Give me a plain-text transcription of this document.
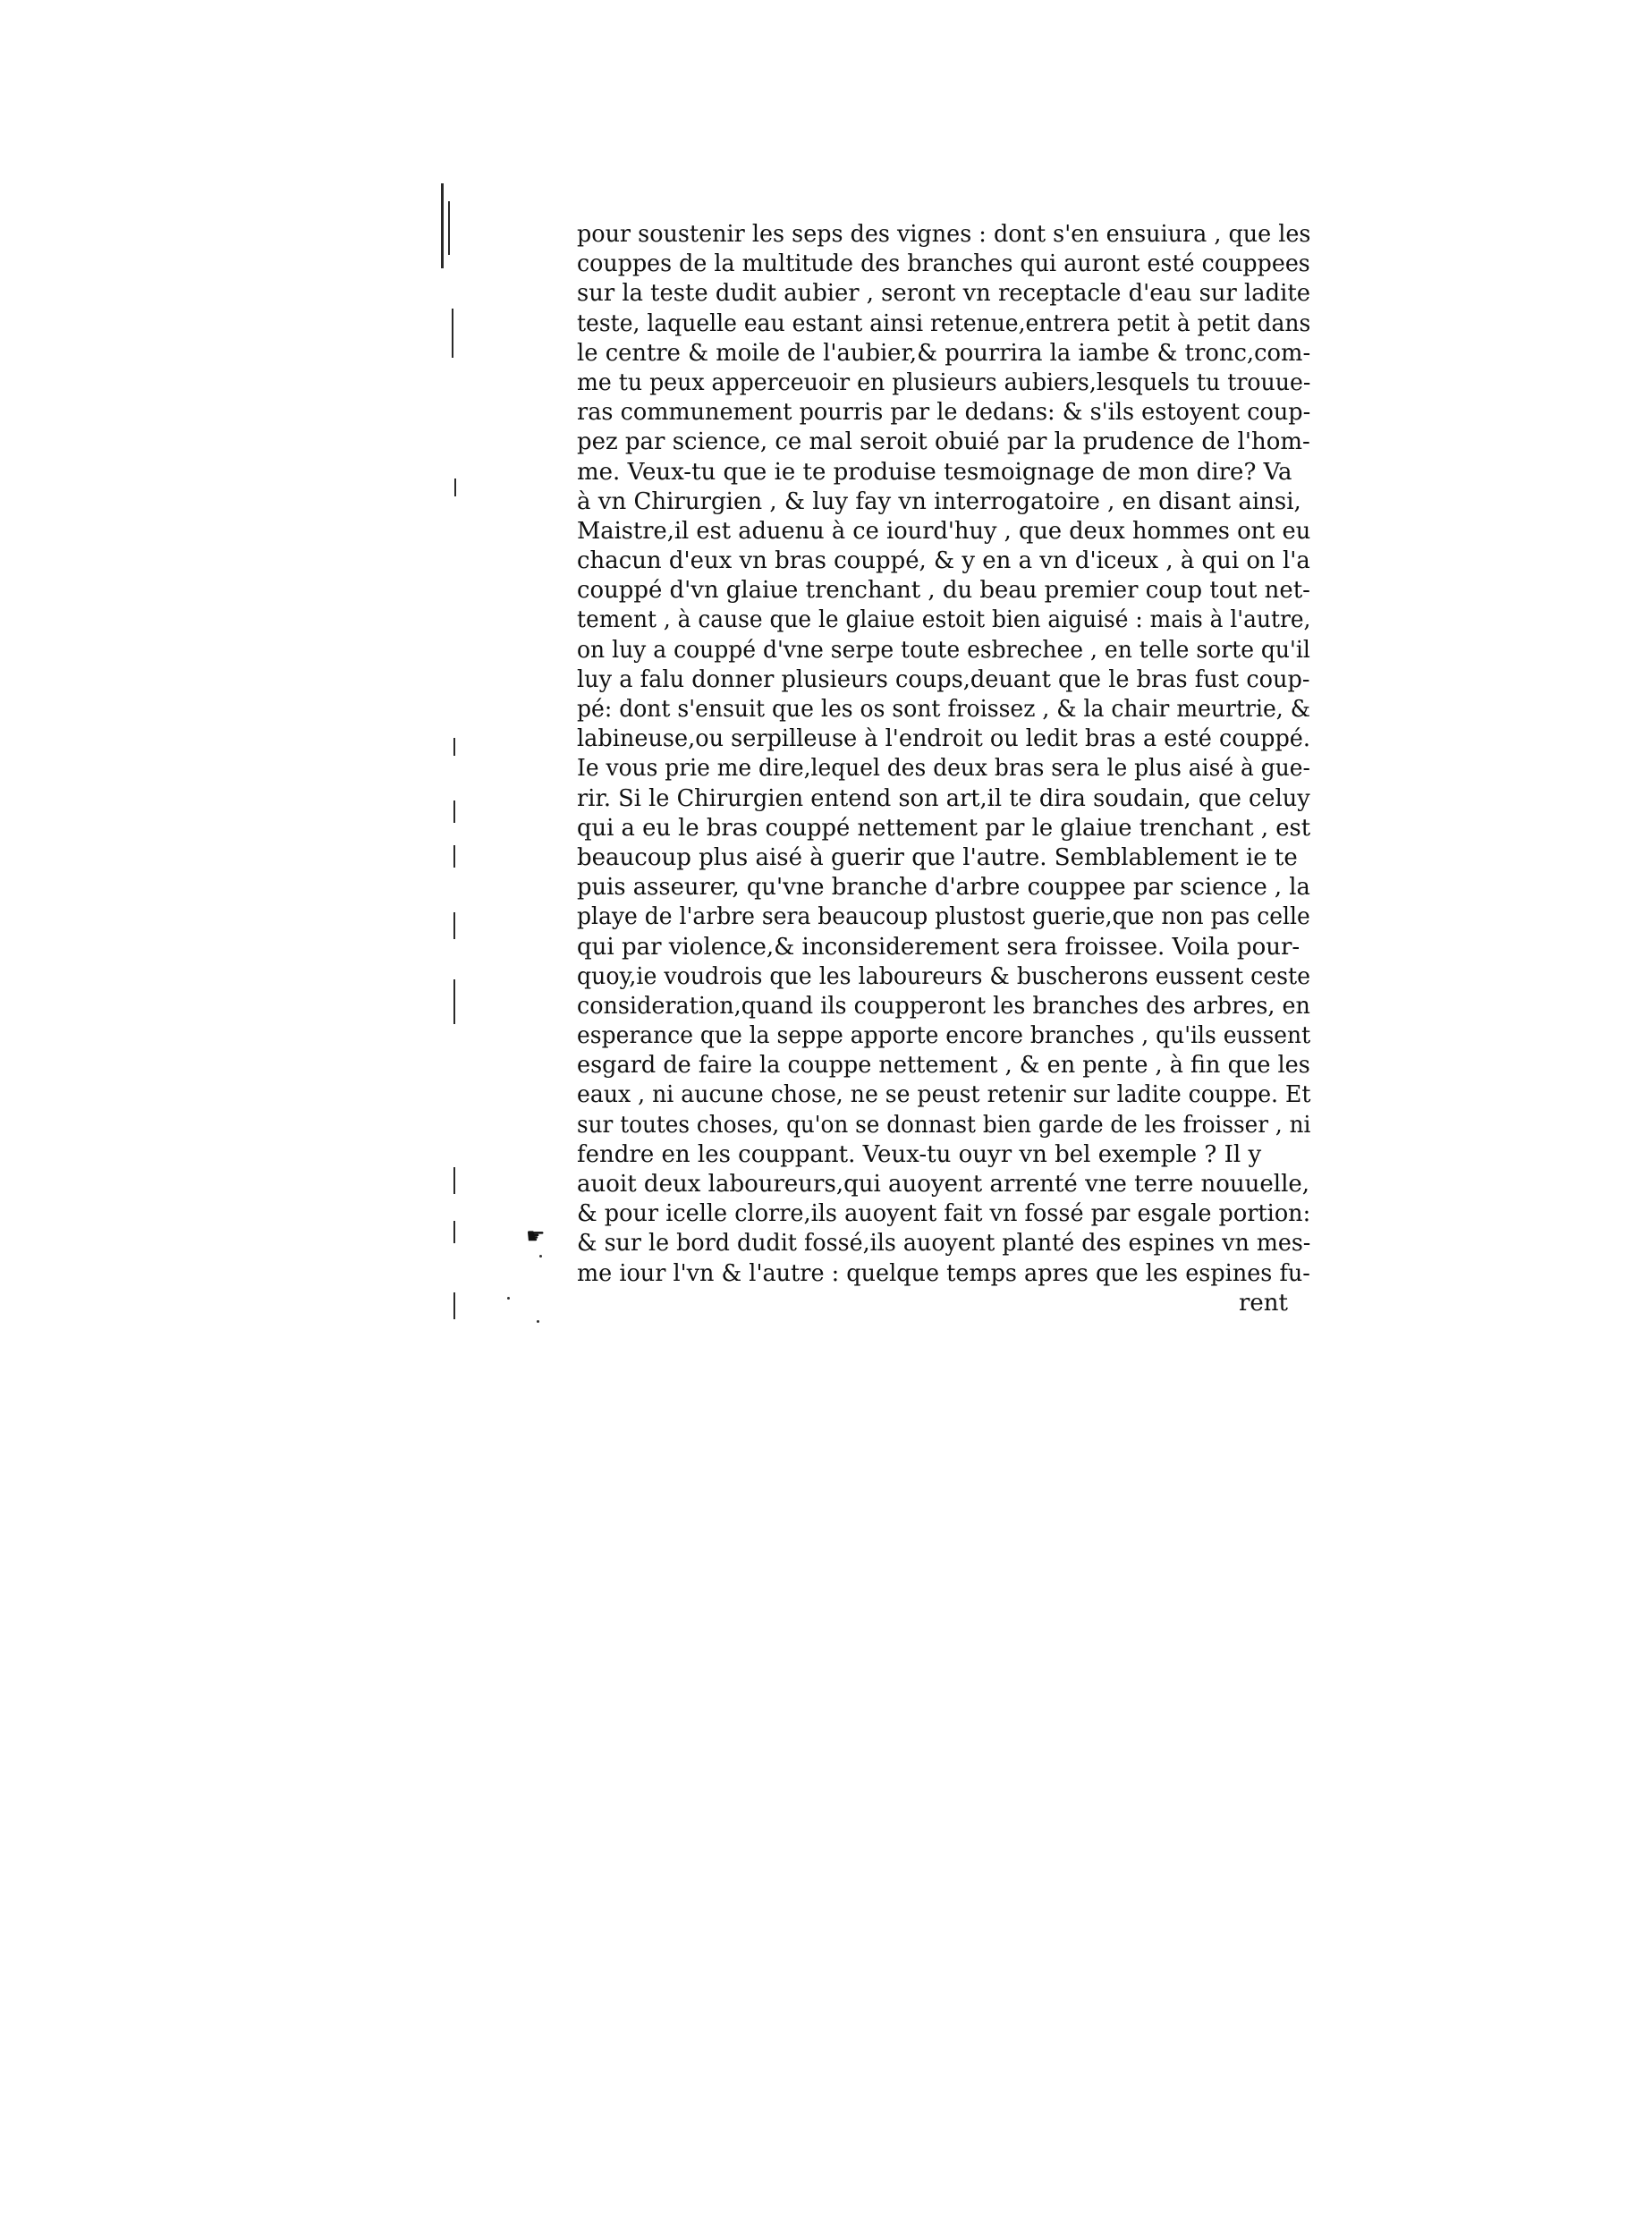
☛
pour soustenir les seps des vignes : dont s'en ensuiura , que les
couppes de la multitude des branches qui auront esté couppees
sur la teste dudit aubier , seront vn receptacle d'eau sur ladite
teste, laquelle eau estant ainsi retenue,entrera petit à petit dans
le centre & moile de l'aubier,& pourrira la iambe & tronc,com-
me tu peux apperceuoir en plusieurs aubiers,lesquels tu trouue-
ras communement pourris par le dedans: & s'ils estoyent coup-
pez par science, ce mal seroit obuié par la prudence de l'hom-
me. Veux-tu que ie te produise tesmoignage de mon dire? Va
à vn Chirurgien , & luy fay vn interrogatoire , en disant ainsi,
Maistre,il est aduenu à ce iourd'huy , que deux hommes ont eu
chacun d'eux vn bras couppé, & y en a vn d'iceux , à qui on l'a
couppé d'vn glaiue trenchant , du beau premier coup tout net-
tement , à cause que le glaiue estoit bien aiguisé : mais à l'autre,
on luy a couppé d'vne serpe toute esbrechee , en telle sorte qu'il
luy a falu donner plusieurs coups,deuant que le bras fust coup-
pé: dont s'ensuit que les os sont froissez , & la chair meurtrie, &
labineuse,ou serpilleuse à l'endroit ou ledit bras a esté couppé.
Ie vous prie me dire,lequel des deux bras sera le plus aisé à gue-
rir. Si le Chirurgien entend son art,il te dira soudain, que celuy
qui a eu le bras couppé nettement par le glaiue trenchant , est
beaucoup plus aisé à guerir que l'autre. Semblablement ie te
puis asseurer, qu'vne branche d'arbre couppee par science , la
playe de l'arbre sera beaucoup plustost guerie,que non pas celle
qui par violence,& inconsiderement sera froissee. Voila pour-
quoy,ie voudrois que les laboureurs & buscherons eussent ceste
consideration,quand ils coupperont les branches des arbres, en
esperance que la seppe apporte encore branches , qu'ils eussent
esgard de faire la couppe nettement , & en pente , à fin que les
eaux , ni aucune chose, ne se peust retenir sur ladite couppe. Et
sur toutes choses, qu'on se donnast bien garde de les froisser , ni
fendre en les couppant. Veux-tu ouyr vn bel exemple ? Il y
auoit deux laboureurs,qui auoyent arrenté vne terre nouuelle,
& pour icelle clorre,ils auoyent fait vn fossé par esgale portion:
& sur le bord dudit fossé,ils auoyent planté des espines vn mes-
me iour l'vn & l'autre : quelque temps apres que les espines fu-
rent
